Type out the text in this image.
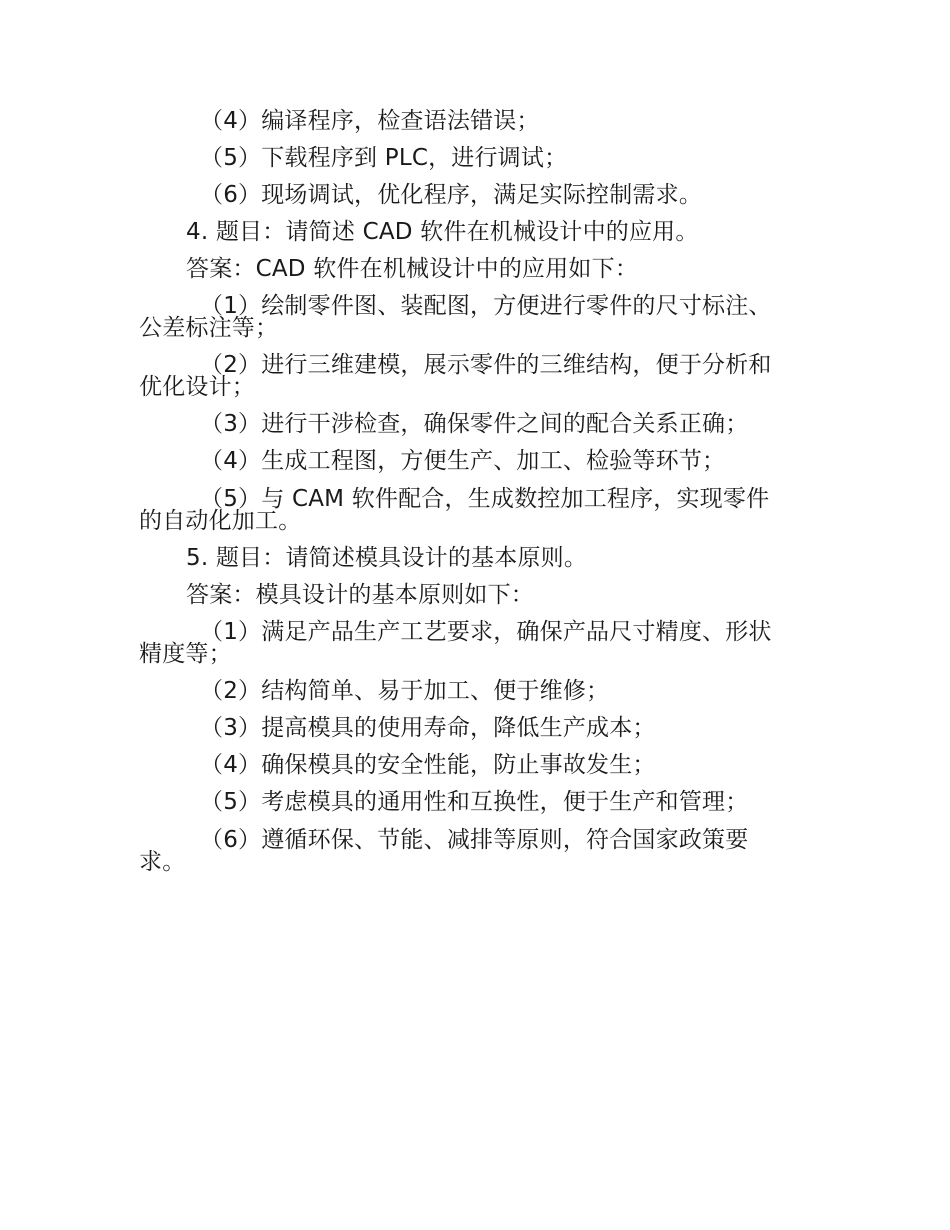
（4）编译程序，检查语法错误；
（5）下载程序到 PLC，进行调试；
（6）现场调试，优化程序，满足实际控制需求。
4. 题目：请简述 CAD 软件在机械设计中的应用。
答案：CAD 软件在机械设计中的应用如下：
（1）绘制零件图、装配图，方便进行零件的尺寸标注、
公差标注等；
（2）进行三维建模，展示零件的三维结构，便于分析和
优化设计；
（3）进行干涉检查，确保零件之间的配合关系正确；
（4）生成工程图，方便生产、加工、检验等环节；
（5）与 CAM 软件配合，生成数控加工程序，实现零件
的自动化加工。
5. 题目：请简述模具设计的基本原则。
答案：模具设计的基本原则如下：
（1）满足产品生产工艺要求，确保产品尺寸精度、形状
精度等；
（2）结构简单、易于加工、便于维修；
（3）提高模具的使用寿命，降低生产成本；
（4）确保模具的安全性能，防止事故发生；
（5）考虑模具的通用性和互换性，便于生产和管理；
（6）遵循环保、节能、减排等原则，符合国家政策要
求。
